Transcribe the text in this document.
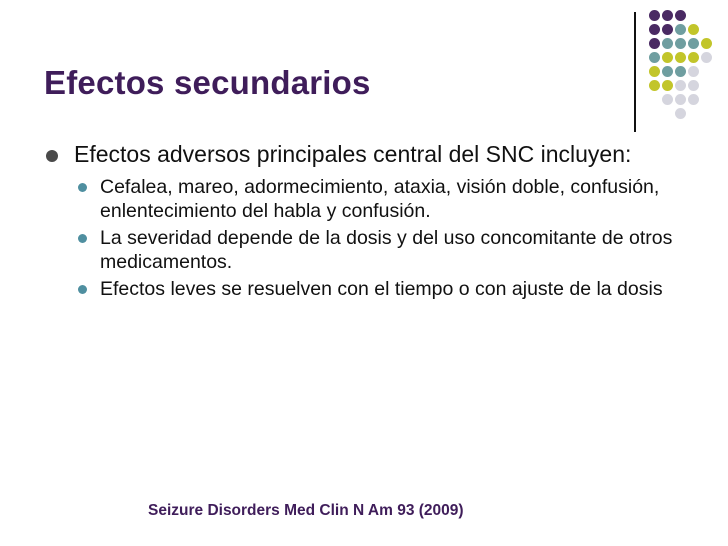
Efectos secundarios
Efectos adversos principales central del SNC incluyen:
Cefalea, mareo, adormecimiento, ataxia, visión doble, confusión, enlentecimiento del habla y confusión.
La severidad depende de la dosis y del uso concomitante de otros medicamentos.
Efectos leves se resuelven con el tiempo o con ajuste de la dosis
Seizure Disorders Med Clin N Am 93 (2009)
